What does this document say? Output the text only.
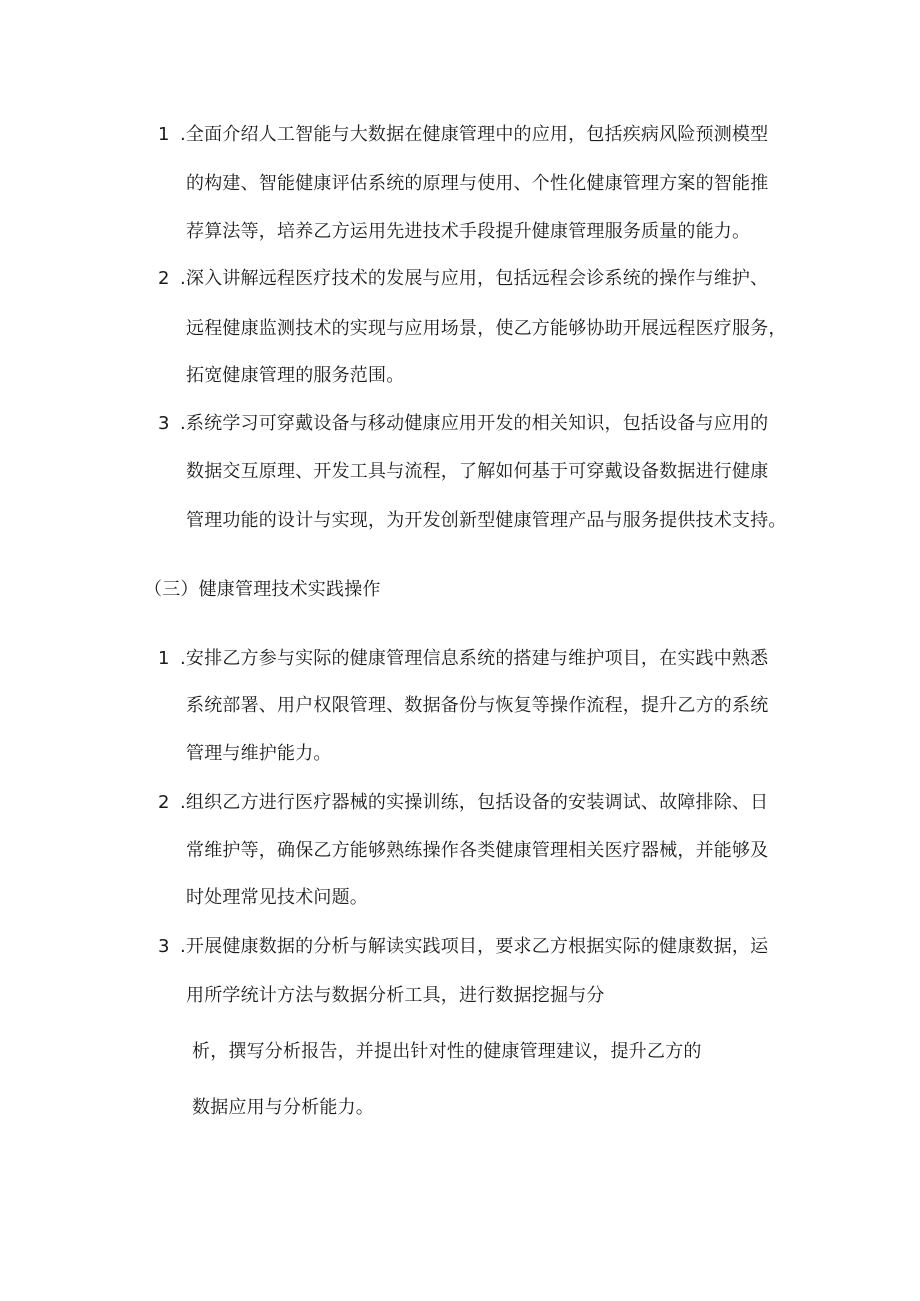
1 .全面介绍人工智能与大数据在健康管理中的应用，包括疾病风险预测模型
的构建、智能健康评估系统的原理与使用、个性化健康管理方案的智能推
荐算法等，培养乙方运用先进技术手段提升健康管理服务质量的能力。
2 .深入讲解远程医疗技术的发展与应用，包括远程会诊系统的操作与维护、
远程健康监测技术的实现与应用场景，使乙方能够协助开展远程医疗服务，
拓宽健康管理的服务范围。
3 .系统学习可穿戴设备与移动健康应用开发的相关知识，包括设备与应用的
数据交互原理、开发工具与流程，了解如何基于可穿戴设备数据进行健康
管理功能的设计与实现，为开发创新型健康管理产品与服务提供技术支持。
（三）健康管理技术实践操作
1 .安排乙方参与实际的健康管理信息系统的搭建与维护项目，在实践中熟悉
系统部署、用户权限管理、数据备份与恢复等操作流程，提升乙方的系统
管理与维护能力。
2 .组织乙方进行医疗器械的实操训练，包括设备的安装调试、故障排除、日
常维护等，确保乙方能够熟练操作各类健康管理相关医疗器械，并能够及
时处理常见技术问题。
3 .开展健康数据的分析与解读实践项目，要求乙方根据实际的健康数据，运
用所学统计方法与数据分析工具，进行数据挖掘与分
析，撰写分析报告，并提出针对性的健康管理建议，提升乙方的
数据应用与分析能力。
